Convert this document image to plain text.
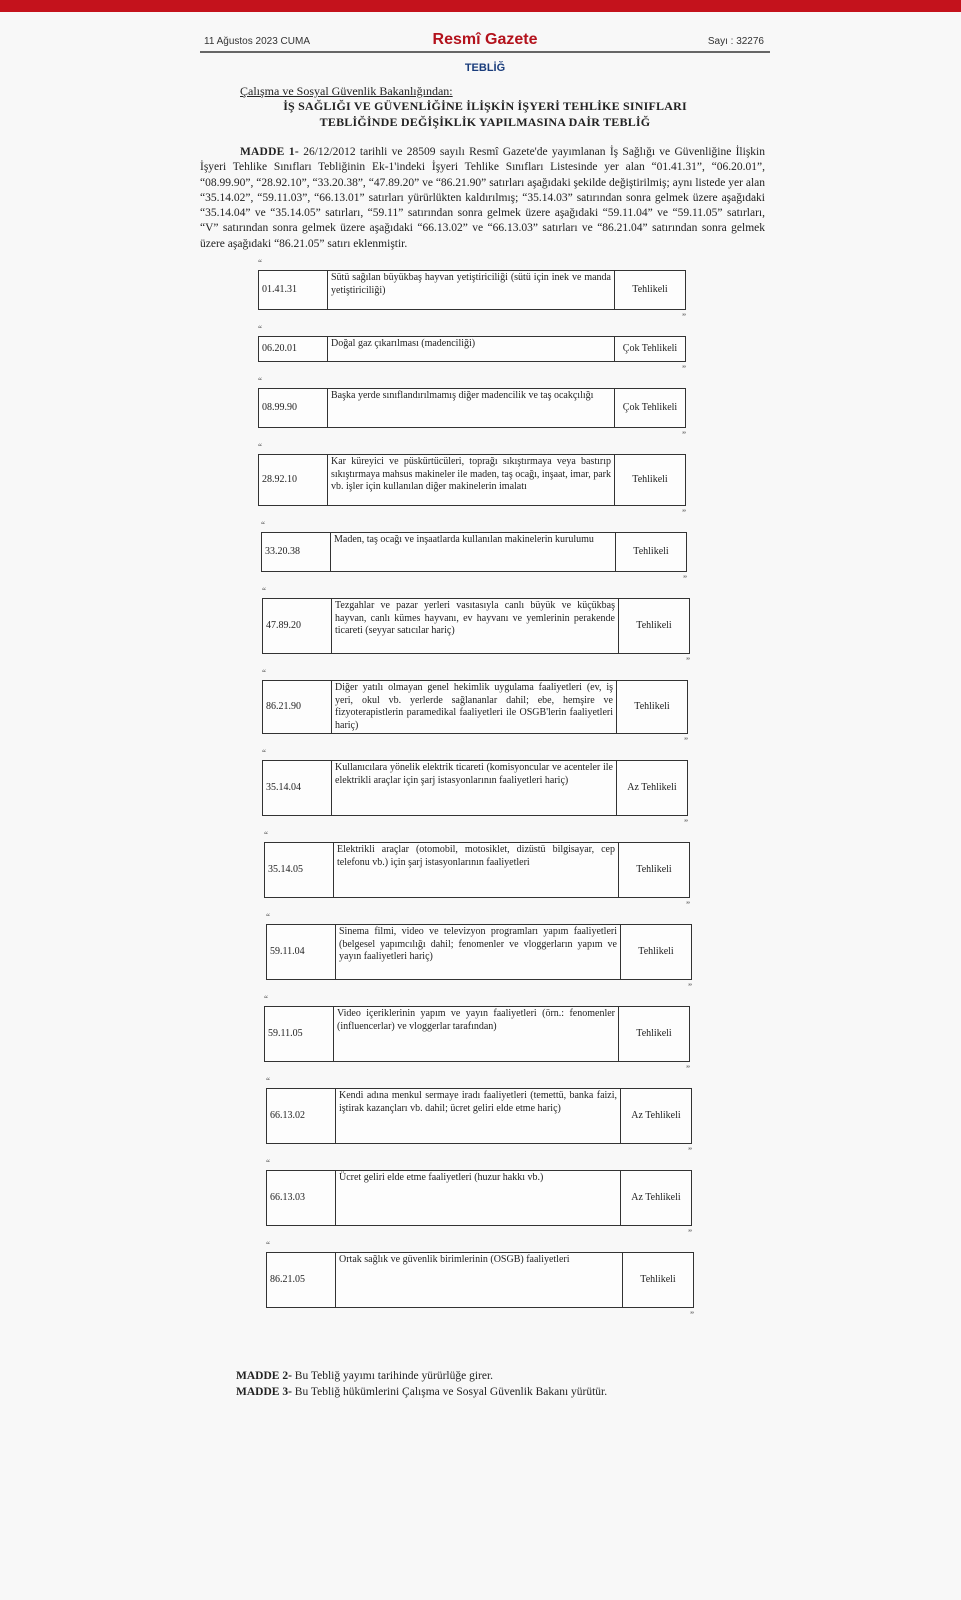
11 Ağustos 2023 CUMA	Resmî Gazete	Sayı : 32276
TEBLİĞ
Çalışma ve Sosyal Güvenlik Bakanlığından:
İŞ SAĞLIĞI VE GÜVENLİĞİNE İLİŞKİN İŞYERİ TEHLİKE SINIFLARI
TEBLİĞİNDE DEĞİŞİKLİK YAPILMASINA DAİR TEBLİĞ
MADDE 1- 26/12/2012 tarihli ve 28509 sayılı Resmî Gazete'de yayımlanan İş Sağlığı ve Güvenliğine İlişkin İşyeri Tehlike Sınıfları Tebliğinin Ek-1'indeki İşyeri Tehlike Sınıfları Listesinde yer alan “01.41.31”, “06.20.01”, “08.99.90”, “28.92.10”, “33.20.38”, “47.89.20” ve “86.21.90” satırları aşağıdaki şekilde değiştirilmiş; aynı listede yer alan “35.14.02”, “59.11.03”, “66.13.01” satırları yürürlükten kaldırılmış; “35.14.03” satırından sonra gelmek üzere aşağıdaki “35.14.04” ve “35.14.05” satırları, “59.11” satırından sonra gelmek üzere aşağıdaki “59.11.04” ve “59.11.05” satırları, “V” satırından sonra gelmek üzere aşağıdaki “66.13.02” ve “66.13.03” satırları ve “86.21.04” satırından sonra gelmek üzere aşağıdaki “86.21.05” satırı eklenmiştir.
“
01.41.31	Sütü sağılan büyükbaş hayvan yetiştiriciliği (sütü için inek ve manda yetiştiriciliği)	Tehlikeli
”
“
06.20.01	Doğal gaz çıkarılması (madenciliği)	Çok Tehlikeli
”
“
08.99.90	Başka yerde sınıflandırılmamış diğer madencilik ve taş ocakçılığı	Çok Tehlikeli
”
“
28.92.10	Kar küreyici ve püskürtücüleri, toprağı sıkıştırmaya veya bastırıp sıkıştırmaya mahsus makineler ile maden, taş ocağı, inşaat, imar, park vb. işler için kullanılan diğer makinelerin imalatı	Tehlikeli
”
“
33.20.38	Maden, taş ocağı ve inşaatlarda kullanılan makinelerin kurulumu	Tehlikeli
”
“
47.89.20	Tezgahlar ve pazar yerleri vasıtasıyla canlı büyük ve küçükbaş hayvan, canlı kümes hayvanı, ev hayvanı ve yemlerinin perakende ticareti (seyyar satıcılar hariç)	Tehlikeli
”
“
86.21.90	Diğer yatılı olmayan genel hekimlik uygulama faaliyetleri (ev, iş yeri, okul vb. yerlerde sağlananlar dahil; ebe, hemşire ve fizyoterapistlerin paramedikal faaliyetleri ile OSGB'lerin faaliyetleri hariç)	Tehlikeli
”
“
35.14.04	Kullanıcılara yönelik elektrik ticareti (komisyoncular ve acenteler ile elektrikli araçlar için şarj istasyonlarının faaliyetleri hariç)	Az Tehlikeli
”
“
35.14.05	Elektrikli araçlar (otomobil, motosiklet, dizüstü bilgisayar, cep telefonu vb.) için şarj istasyonlarının faaliyetleri	Tehlikeli
”
“
59.11.04	Sinema filmi, video ve televizyon programları yapım faaliyetleri (belgesel yapımcılığı dahil; fenomenler ve vloggerların yapım ve yayın faaliyetleri hariç)	Tehlikeli
”
“
59.11.05	Video içeriklerinin yapım ve yayın faaliyetleri (örn.: fenomenler (influencerlar) ve vloggerlar tarafından)	Tehlikeli
”
“
66.13.02	Kendi adına menkul sermaye iradı faaliyetleri (temettü, banka faizi, iştirak kazançları vb. dahil; ücret geliri elde etme hariç)	Az Tehlikeli
”
“
66.13.03	Ücret geliri elde etme faaliyetleri (huzur hakkı vb.)	Az Tehlikeli
”
“
86.21.05	Ortak sağlık ve güvenlik birimlerinin (OSGB) faaliyetleri	Tehlikeli
”
MADDE 2- Bu Tebliğ yayımı tarihinde yürürlüğe girer.
MADDE 3- Bu Tebliğ hükümlerini Çalışma ve Sosyal Güvenlik Bakanı yürütür.
